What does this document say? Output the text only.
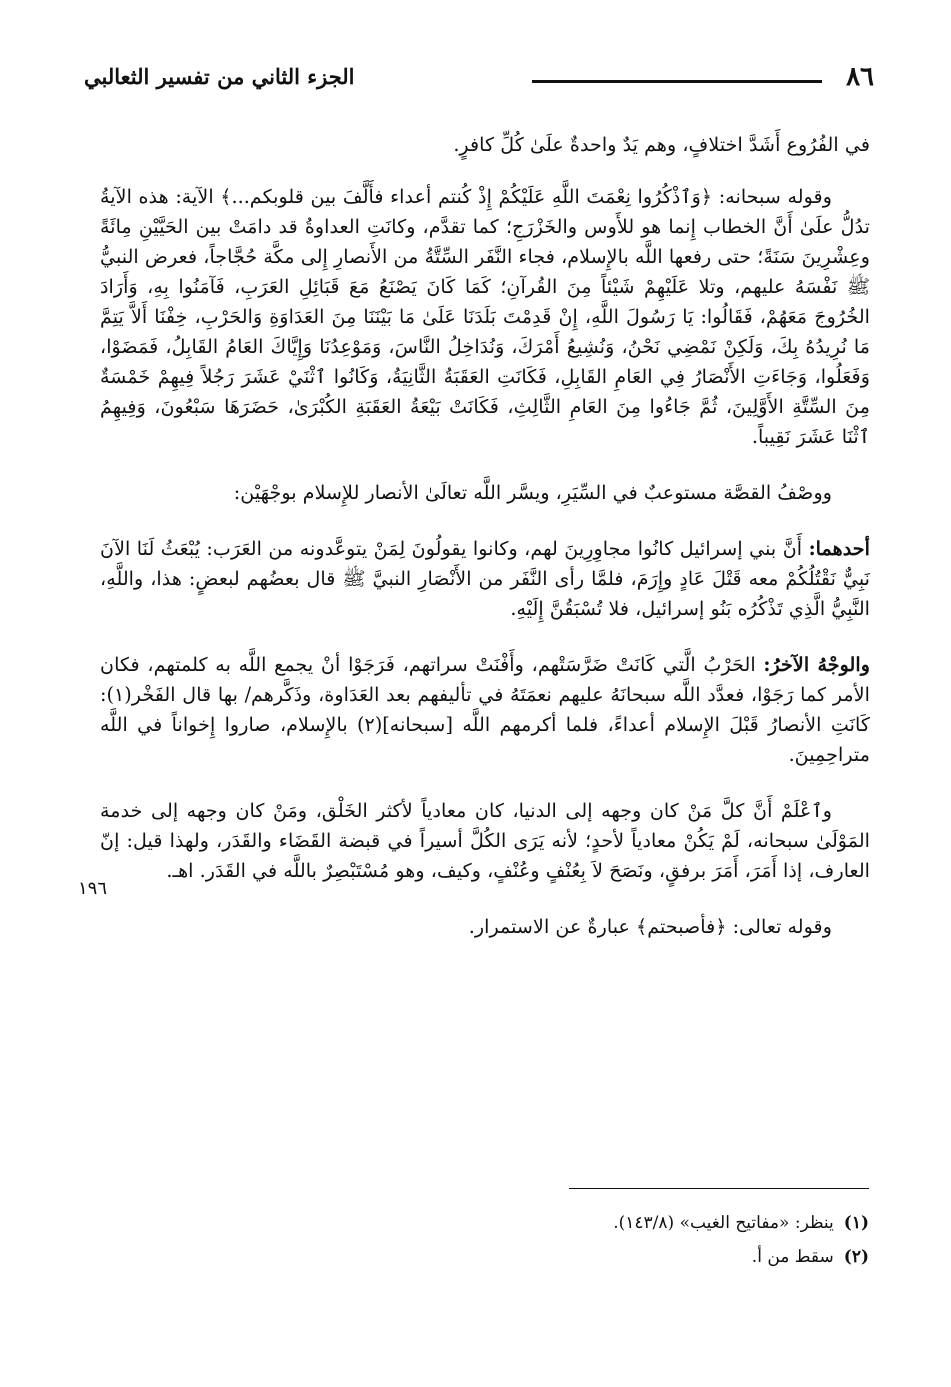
٨٦
الجزء الثاني من تفسير الثعالبي

في الفُرُوع أَشَدَّ اختلافٍ، وهم يَدٌ واحدةٌ علَىٰ كُلِّ كافرٍ.

وقوله سبحانه: ﴿وَٱذْكُرُوا نِعْمَتَ اللَّهِ عَلَيْكُمْ إِذْ كُنتم أعداء فأَلَّفَ بين قلوبكم...﴾ الآية: هذه الآيةُ تدُلُّ علَىٰ أَنَّ الخطاب إِنما هو للأَوس والخَزْرَجِ؛ كما تقدَّم، وكانَتِ العداوةُ قد دامَتْ بين الحَيَّيْنِ مِائَةً وعِشْرِينَ سَنَةً؛ حتى رفعها اللَّه بالإِسلام، فجاء النَّفَر السِّتَّةُ من الأَنصارِ إِلى مكَّة حُجَّاجاً، فعرض النبيُّ ﷺ نَفْسَهُ عليهم، وتلا عَلَيْهِمْ شَيْئاً مِنَ القُرآنِ؛ كَمَا كَانَ يَصْنَعُ مَعَ قَبَائِلِ العَرَبِ، فَآمَنُوا بِهِ، وَأَرَادَ الخُرُوجَ مَعَهُمْ، فَقَالُوا: يَا رَسُولَ اللَّهِ، إِنْ قَدِمْتَ بَلَدَنَا عَلَىٰ مَا بَيْنَنَا مِنَ العَدَاوَةِ وَالحَرْبِ، خِفْنَا أَلاَّ يَتِمَّ مَا نُرِيدُهُ بِكَ، وَلَكِنْ نَمْضِي نَحْنُ، وَنُشِيعُ أَمْرَكَ، وَنُدَاخِلُ النَّاسَ، وَمَوْعِدُنَا وَإِيَّاكَ العَامُ القَابِلُ، فَمَضَوْا، وَفَعَلُوا، وَجَاءَتِ الأَنْصَارُ فِي العَامِ القَابِلِ، فَكَانَتِ العَقَبَةُ الثَّانِيَةُ، وَكَانُوا ٱثْنَيْ عَشَرَ رَجُلاً فِيهِمْ خَمْسَةٌ مِنَ السِّتَّةِ الأَوَّلِينَ، ثُمَّ جَاءُوا مِنَ العَامِ الثَّالِثِ، فَكَانَتْ بَيْعَةُ العَقَبَةِ الكُبْرَىٰ، حَضَرَهَا سَبْعُونَ، وَفِيهِمُ ٱثْنَا عَشَرَ نَقِيباً.

ووصْفُ القصَّة مستوعبٌ في السِّيَرِ، ويسَّر اللَّه تعالَىٰ الأنصار للإِسلام بوجْهَيْن:

أحدهما: أَنَّ بني إسرائيل كانُوا مجاوِرِينَ لهم، وكانوا يقولُونَ لِمَنْ يتوعَّدونه من العَرَب: يُبْعَثُ لَنَا الآنَ نَبِيٌّ نَقْتُلُكُمْ معه قَتْلَ عَادٍ وإِرَمَ، فلمَّا رأى النَّفَر من الأَنْصَارِ النبيَّ ﷺ قال بعضُهم لبعضٍ: هذا، واللَّهِ، النَّبِيُّ الَّذِي تَذْكُرُه بَنُو إسرائيل، فلا تُسْبَقُنَّ إِلَيْهِ.

والوجْهُ الآخرُ: الحَرْبُ الَّتي كَانَتْ ضَرَّسَتْهم، وأَفْنَتْ سراتهم، فَرَجَوْا أنْ يجمع اللَّه به كلمتهم، فكان الأمر كما رَجَوْا، فعدَّد اللَّه سبحانَهُ عليهم نعمَتَهُ في تأليفهم بعد العَدَاوة، وذَكَّرهم/ بها قال الفَخْر(١): كَانَتِ الأنصارُ قَبْلَ الإِسلام أعداءً، فلما أكرمهم اللَّه [سبحانه](٢) بالإِسلام، صاروا إِخواناً في اللَّه متراحِمِينَ.

وٱعْلَمْ أَنَّ كلَّ مَنْ كان وجهه إلى الدنيا، كان معادياً لأكثر الخَلْق، ومَنْ كان وجهه إلى خدمة المَوْلَىٰ سبحانه، لَمْ يَكُنْ معادياً لأحدٍ؛ لأنه يَرَى الكُلَّ أسيراً في قبضة القَضَاء والقَدَر، ولهذا قيل: إنّ العارف، إذا أَمَرَ، أَمَرَ برفقٍ، ونَصَحَ لاَ بِعُنْفٍ وعُنْفٍ، وكيف، وهو مُسْتَبْصِرٌ باللَّه في القَدَر. اهـ.

وقوله تعالى: ﴿فأصبحتم﴾ عبارةٌ عن الاستمرار.

١٩٦

(١)ينظر: «مفاتيح الغيب» (١٤٣/٨).

(٢)سقط من أ.
